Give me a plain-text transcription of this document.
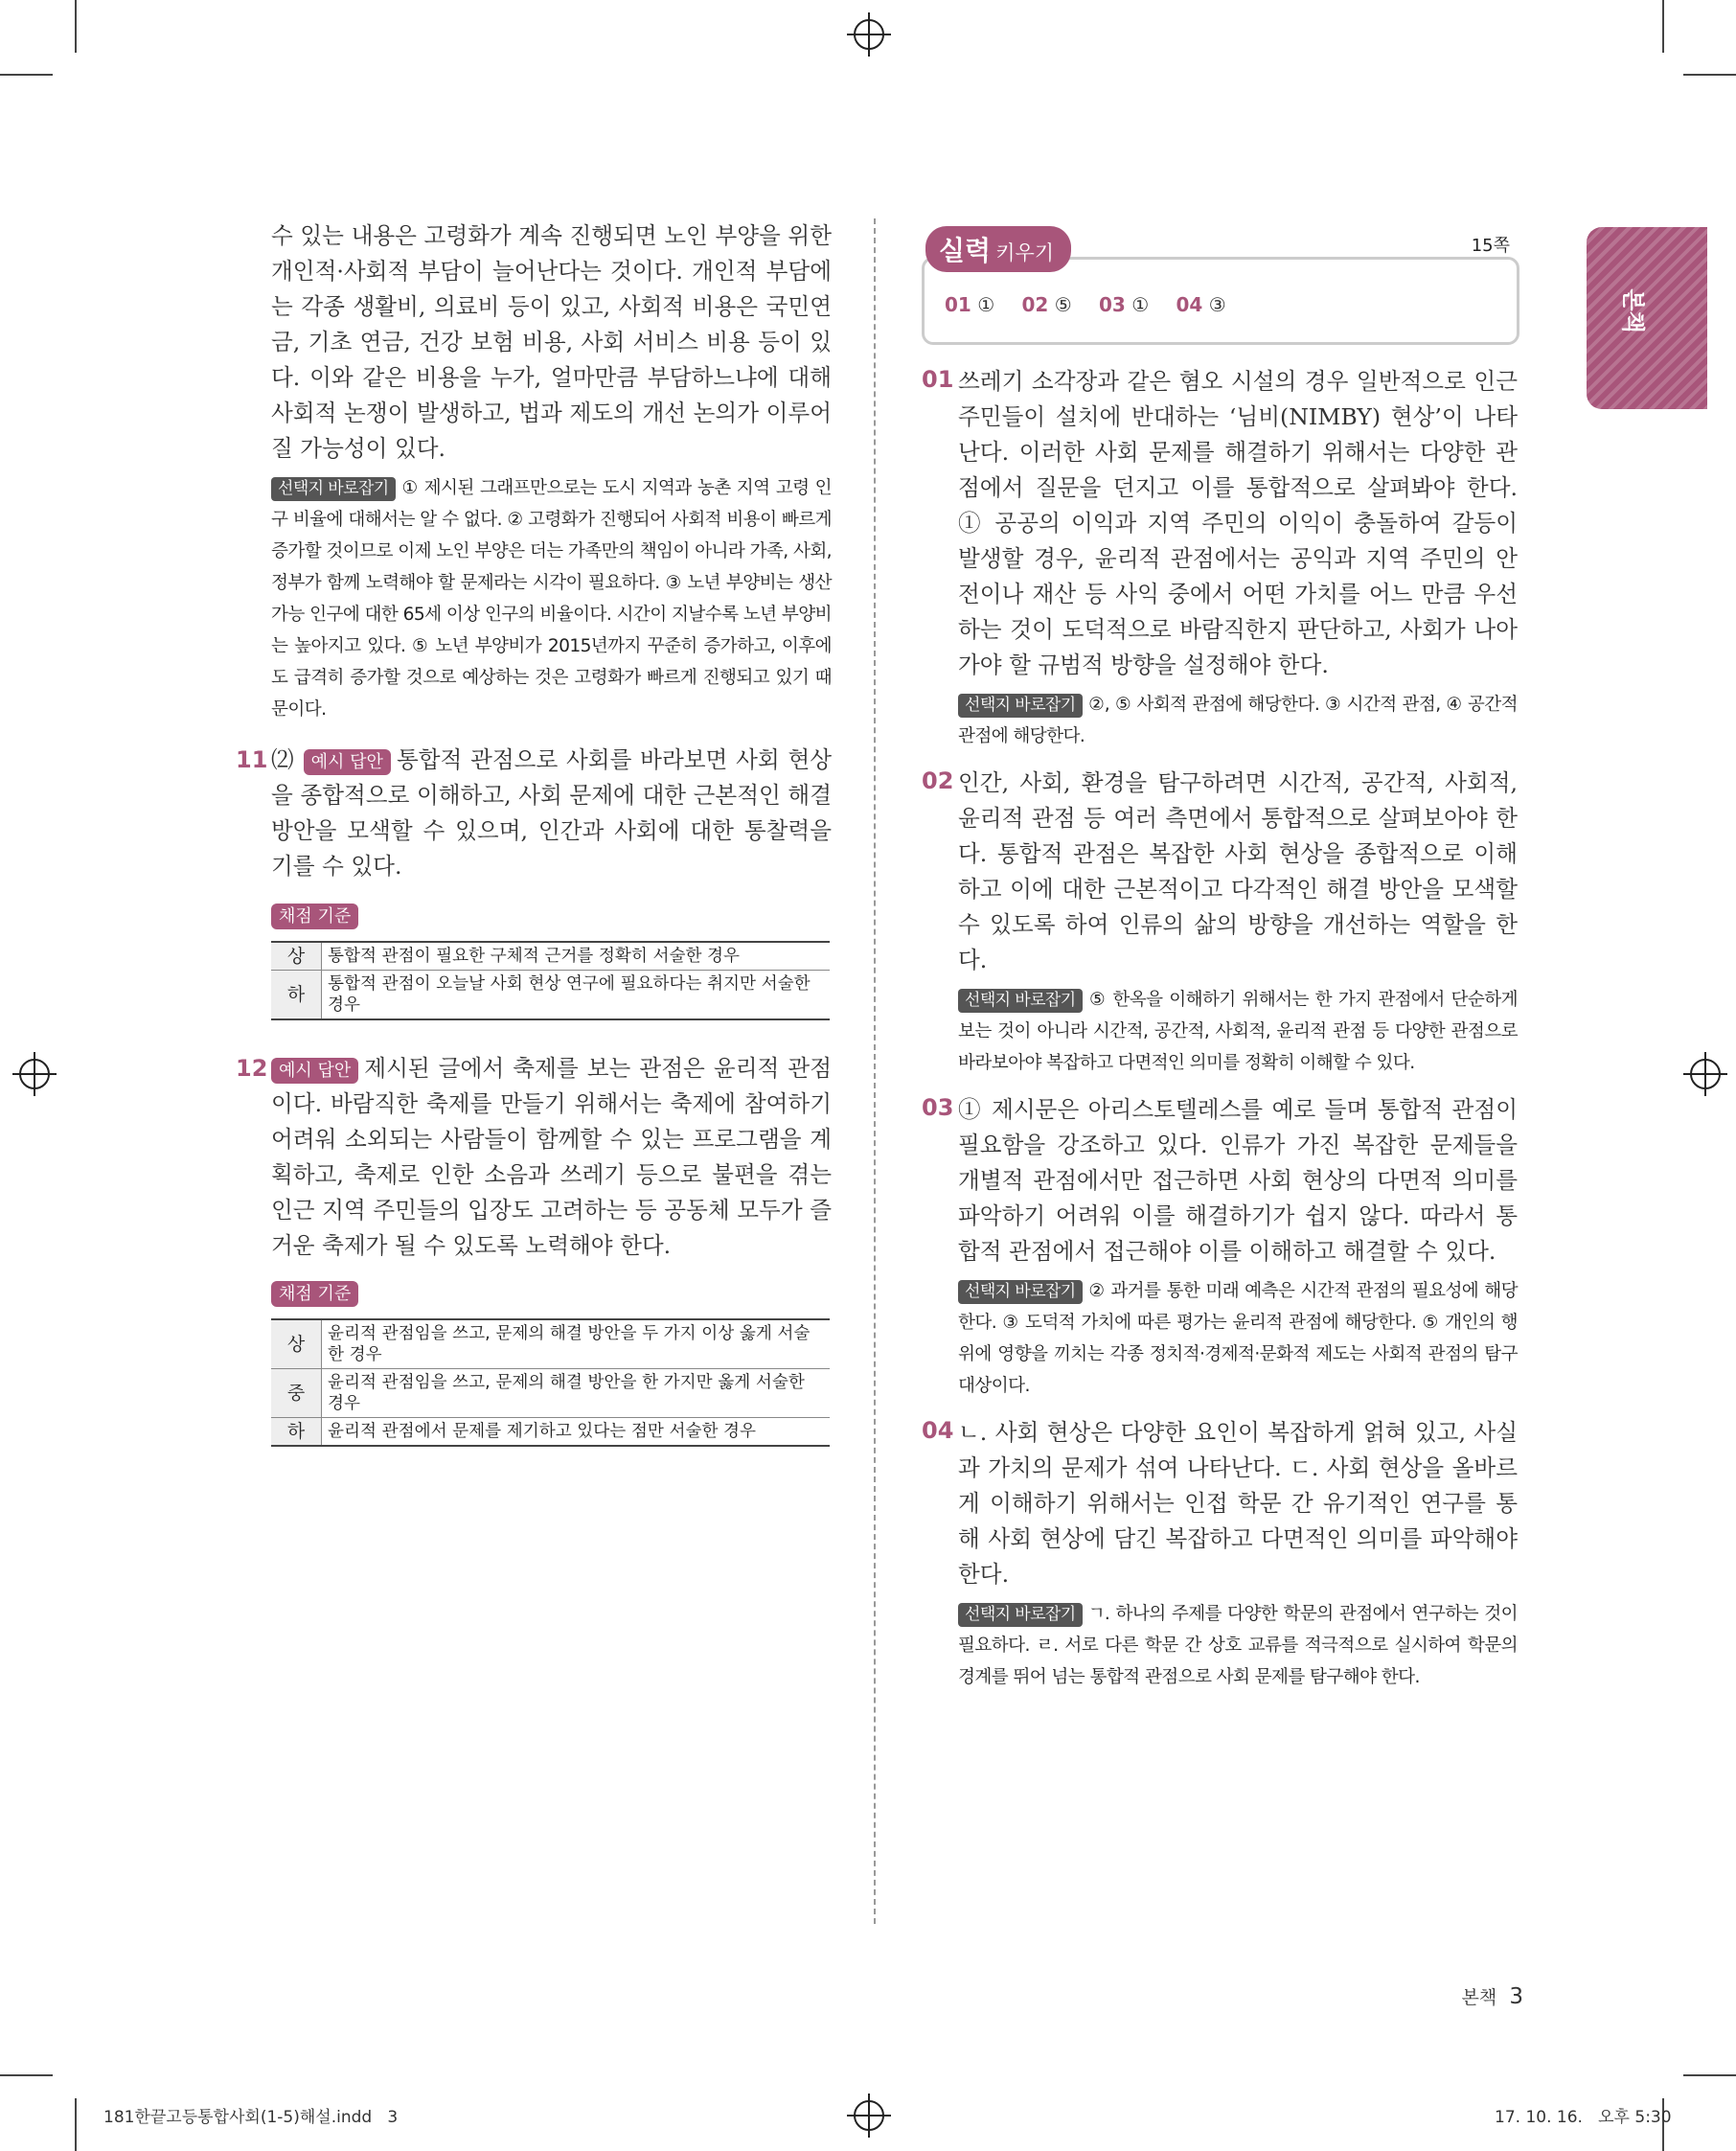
본책

수 있는 내용은 고령화가 계속 진행되면 노인 부양을 위한 개인적·사회적 부담이 늘어난다는 것이다. 개인적 부담에는 각종 생활비, 의료비 등이 있고, 사회적 비용은 국민연금, 기초 연금, 건강 보험 비용, 사회 서비스 비용 등이 있다. 이와 같은 비용을 누가, 얼마만큼 부담하느냐에 대해 사회적 논쟁이 발생하고, 법과 제도의 개선 논의가 이루어질 가능성이 있다.

선택지 바로잡기 ① 제시된 그래프만으로는 도시 지역과 농촌 지역 고령 인구 비율에 대해서는 알 수 없다. ② 고령화가 진행되어 사회적 비용이 빠르게 증가할 것이므로 이제 노인 부양은 더는 가족만의 책임이 아니라 가족, 사회, 정부가 함께 노력해야 할 문제라는 시각이 필요하다. ③ 노년 부양비는 생산 가능 인구에 대한 65세 이상 인구의 비율이다. 시간이 지날수록 노년 부양비는 높아지고 있다. ⑤ 노년 부양비가 2015년까지 꾸준히 증가하고, 이후에도 급격히 증가할 것으로 예상하는 것은 고령화가 빠르게 진행되고 있기 때문이다.

11 ⑵ 예시 답안 통합적 관점으로 사회를 바라보면 사회 현상을 종합적으로 이해하고, 사회 문제에 대한 근본적인 해결 방안을 모색할 수 있으며, 인간과 사회에 대한 통찰력을 기를 수 있다.

채점 기준
상	통합적 관점이 필요한 구체적 근거를 정확히 서술한 경우
하	통합적 관점이 오늘날 사회 현상 연구에 필요하다는 취지만 서술한 경우
12 예시 답안 제시된 글에서 축제를 보는 관점은 윤리적 관점이다. 바람직한 축제를 만들기 위해서는 축제에 참여하기 어려워 소외되는 사람들이 함께할 수 있는 프로그램을 계획하고, 축제로 인한 소음과 쓰레기 등으로 불편을 겪는 인근 지역 주민들의 입장도 고려하는 등 공동체 모두가 즐거운 축제가 될 수 있도록 노력해야 한다.

채점 기준
상	윤리적 관점임을 쓰고, 문제의 해결 방안을 두 가지 이상 옳게 서술한 경우
중	윤리적 관점임을 쓰고, 문제의 해결 방안을 한 가지만 옳게 서술한 경우
하	윤리적 관점에서 문제를 제기하고 있다는 점만 서술한 경우
실력 키우기	15쪽
01 ① 02 ⑤ 03 ① 04 ③
01 쓰레기 소각장과 같은 혐오 시설의 경우 일반적으로 인근 주민들이 설치에 반대하는 ‘님비(NIMBY) 현상’이 나타난다. 이러한 사회 문제를 해결하기 위해서는 다양한 관점에서 질문을 던지고 이를 통합적으로 살펴봐야 한다. ① 공공의 이익과 지역 주민의 이익이 충돌하여 갈등이 발생할 경우, 윤리적 관점에서는 공익과 지역 주민의 안전이나 재산 등 사익 중에서 어떤 가치를 어느 만큼 우선하는 것이 도덕적으로 바람직한지 판단하고, 사회가 나아가야 할 규범적 방향을 설정해야 한다.

선택지 바로잡기 ②, ⑤ 사회적 관점에 해당한다. ③ 시간적 관점, ④ 공간적 관점에 해당한다.

02 인간, 사회, 환경을 탐구하려면 시간적, 공간적, 사회적, 윤리적 관점 등 여러 측면에서 통합적으로 살펴보아야 한다. 통합적 관점은 복잡한 사회 현상을 종합적으로 이해하고 이에 대한 근본적이고 다각적인 해결 방안을 모색할 수 있도록 하여 인류의 삶의 방향을 개선하는 역할을 한다.

선택지 바로잡기 ⑤ 한옥을 이해하기 위해서는 한 가지 관점에서 단순하게 보는 것이 아니라 시간적, 공간적, 사회적, 윤리적 관점 등 다양한 관점으로 바라보아야 복잡하고 다면적인 의미를 정확히 이해할 수 있다.

03 ① 제시문은 아리스토텔레스를 예로 들며 통합적 관점이 필요함을 강조하고 있다. 인류가 가진 복잡한 문제들을 개별적 관점에서만 접근하면 사회 현상의 다면적 의미를 파악하기 어려워 이를 해결하기가 쉽지 않다. 따라서 통합적 관점에서 접근해야 이를 이해하고 해결할 수 있다.

선택지 바로잡기 ② 과거를 통한 미래 예측은 시간적 관점의 필요성에 해당한다. ③ 도덕적 가치에 따른 평가는 윤리적 관점에 해당한다. ⑤ 개인의 행위에 영향을 끼치는 각종 정치적·경제적·문화적 제도는 사회적 관점의 탐구 대상이다.

04 ㄴ. 사회 현상은 다양한 요인이 복잡하게 얽혀 있고, 사실과 가치의 문제가 섞여 나타난다. ㄷ. 사회 현상을 올바르게 이해하기 위해서는 인접 학문 간 유기적인 연구를 통해 사회 현상에 담긴 복잡하고 다면적인 의미를 파악해야 한다.

선택지 바로잡기 ㄱ. 하나의 주제를 다양한 학문의 관점에서 연구하는 것이 필요하다. ㄹ. 서로 다른 학문 간 상호 교류를 적극적으로 실시하여 학문의 경계를 뛰어 넘는 통합적 관점으로 사회 문제를 탐구해야 한다.

본책 3
181한끝고등통합사회(1-5)해설.indd   3	17. 10. 16.   오후 5:30
